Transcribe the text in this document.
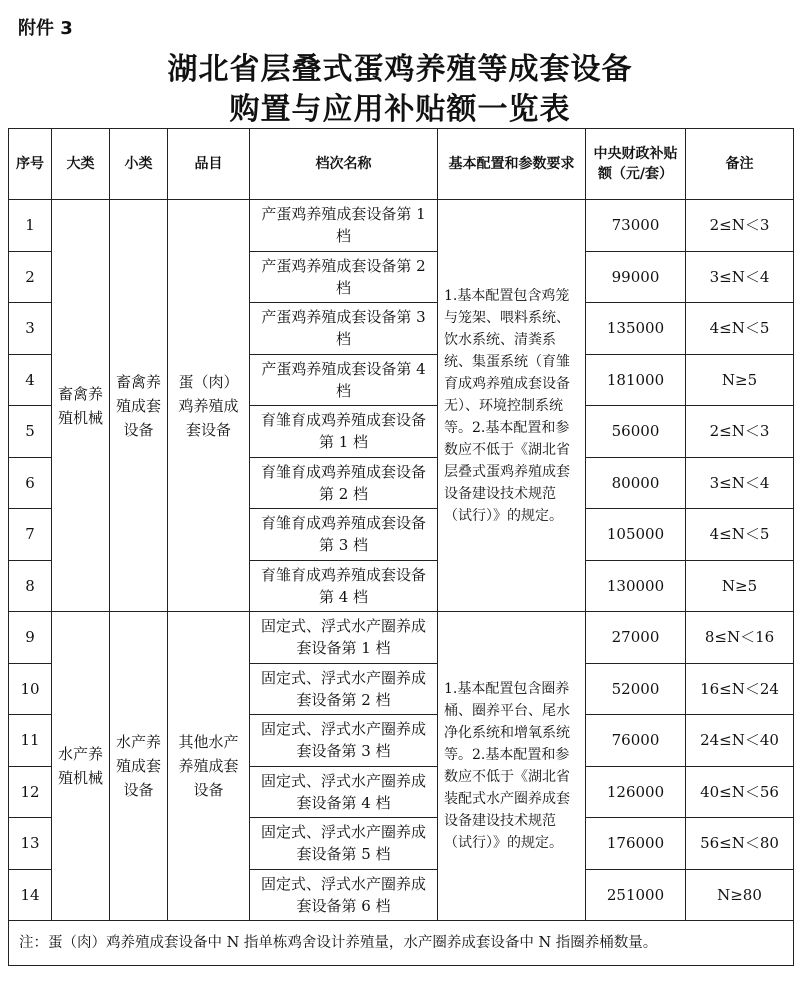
附件 3
湖北省层叠式蛋鸡养殖等成套设备
购置与应用补贴额一览表
序号	大类	小类	品目	档次名称	基本配置和参数要求	中央财政补贴额（元/套）	备注
1	畜禽养殖机械	畜禽养殖成套设备	蛋（肉）鸡养殖成套设备	产蛋鸡养殖成套设备第 1 档	1.基本配置包含鸡笼与笼架、喂料系统、饮水系统、清粪系统、集蛋系统（育雏育成鸡养殖成套设备无）、环境控制系统等。2.基本配置和参数应不低于《湖北省层叠式蛋鸡养殖成套设备建设技术规范（试行）》的规定。	73000	2≤N＜3
2				产蛋鸡养殖成套设备第 2 档		99000	3≤N＜4
3				产蛋鸡养殖成套设备第 3 档		135000	4≤N＜5
4				产蛋鸡养殖成套设备第 4 档		181000	N≥5
5				育雏育成鸡养殖成套设备第 1 档		56000	2≤N＜3
6				育雏育成鸡养殖成套设备第 2 档		80000	3≤N＜4
7				育雏育成鸡养殖成套设备第 3 档		105000	4≤N＜5
8				育雏育成鸡养殖成套设备第 4 档		130000	N≥5
9	水产养殖机械	水产养殖成套设备	其他水产养殖成套设备	固定式、浮式水产圈养成套设备第 1 档	1.基本配置包含圈养桶、圈养平台、尾水净化系统和增氧系统等。2.基本配置和参数应不低于《湖北省装配式水产圈养成套设备建设技术规范（试行）》的规定。	27000	8≤N＜16
10				固定式、浮式水产圈养成套设备第 2 档		52000	16≤N＜24
11				固定式、浮式水产圈养成套设备第 3 档		76000	24≤N＜40
12				固定式、浮式水产圈养成套设备第 4 档		126000	40≤N＜56
13				固定式、浮式水产圈养成套设备第 5 档		176000	56≤N＜80
14				固定式、浮式水产圈养成套设备第 6 档		251000	N≥80
注：蛋（肉）鸡养殖成套设备中 N 指单栋鸡舍设计养殖量，水产圈养成套设备中 N 指圈养桶数量。							
